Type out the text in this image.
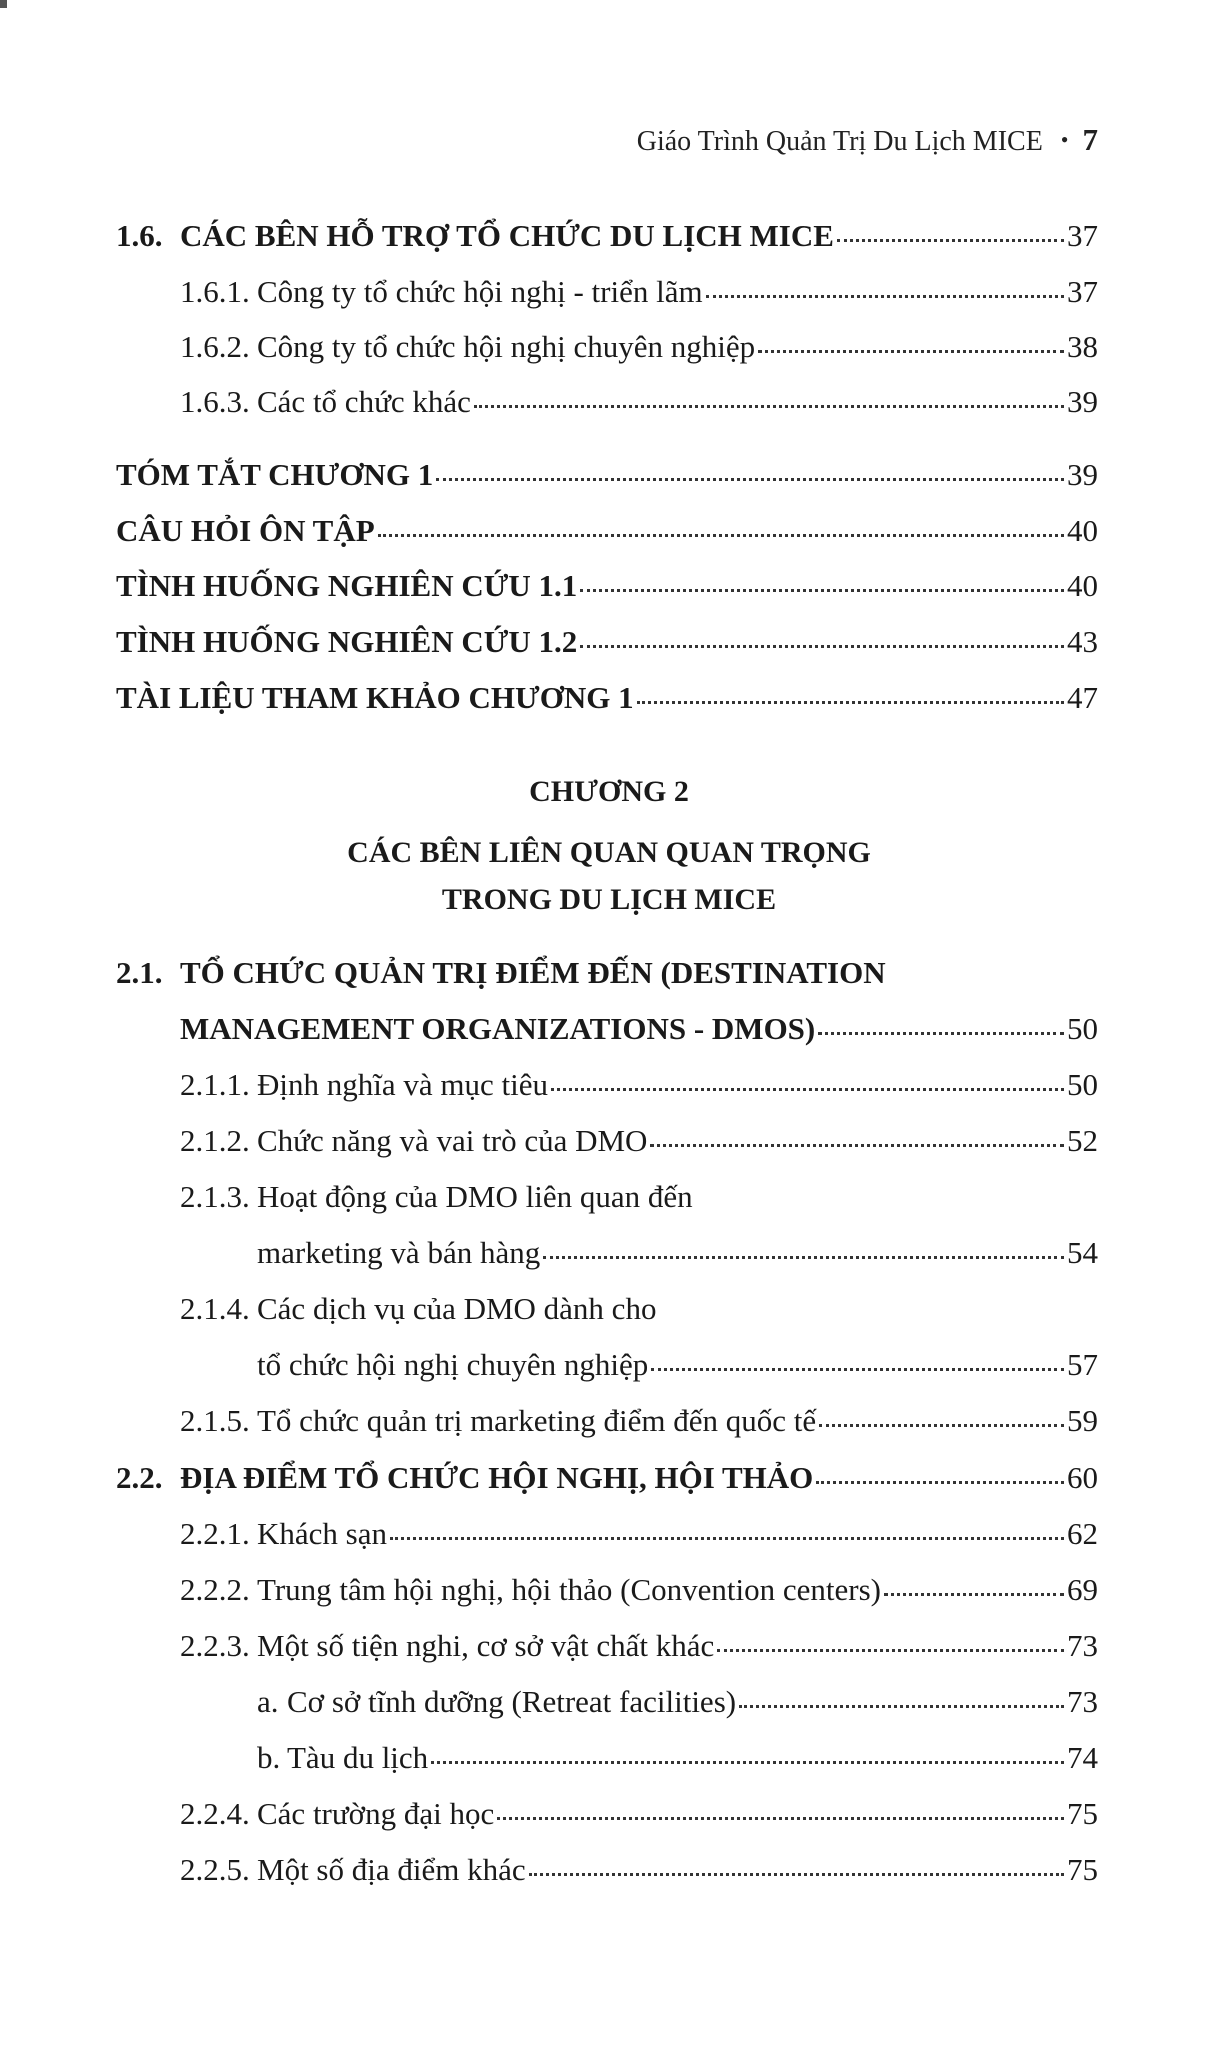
Giáo Trình Quản Trị Du Lịch MICE • 7
1.6. CÁC BÊN HỖ TRỢ TỔ CHỨC DU LỊCH MICE	37
1.6.1. Công ty tổ chức hội nghị - triển lãm	37
1.6.2. Công ty tổ chức hội nghị chuyên nghiệp	38
1.6.3. Các tổ chức khác	39
TÓM TẮT CHƯƠNG 1	39
CÂU HỎI ÔN TẬP	40
TÌNH HUỐNG NGHIÊN CỨU 1.1	40
TÌNH HUỐNG NGHIÊN CỨU 1.2	43
TÀI LIỆU THAM KHẢO CHƯƠNG 1	47
CHƯƠNG 2
CÁC BÊN LIÊN QUAN QUAN TRỌNG
TRONG DU LỊCH MICE
2.1. TỔ CHỨC QUẢN TRỊ ĐIỂM ĐẾN (DESTINATION
MANAGEMENT ORGANIZATIONS - DMOS)	50
2.1.1. Định nghĩa và mục tiêu	50
2.1.2. Chức năng và vai trò của DMO	52
2.1.3. Hoạt động của DMO liên quan đến
marketing và bán hàng	54
2.1.4. Các dịch vụ của DMO dành cho
tổ chức hội nghị chuyên nghiệp	57
2.1.5. Tổ chức quản trị marketing điểm đến quốc tế	59
2.2. ĐỊA ĐIỂM TỔ CHỨC HỘI NGHỊ, HỘI THẢO	60
2.2.1. Khách sạn	62
2.2.2. Trung tâm hội nghị, hội thảo (Convention centers)	69
2.2.3. Một số tiện nghi, cơ sở vật chất khác	73
a. Cơ sở tĩnh dưỡng (Retreat facilities)	73
b. Tàu du lịch	74
2.2.4. Các trường đại học	75
2.2.5. Một số địa điểm khác	75
